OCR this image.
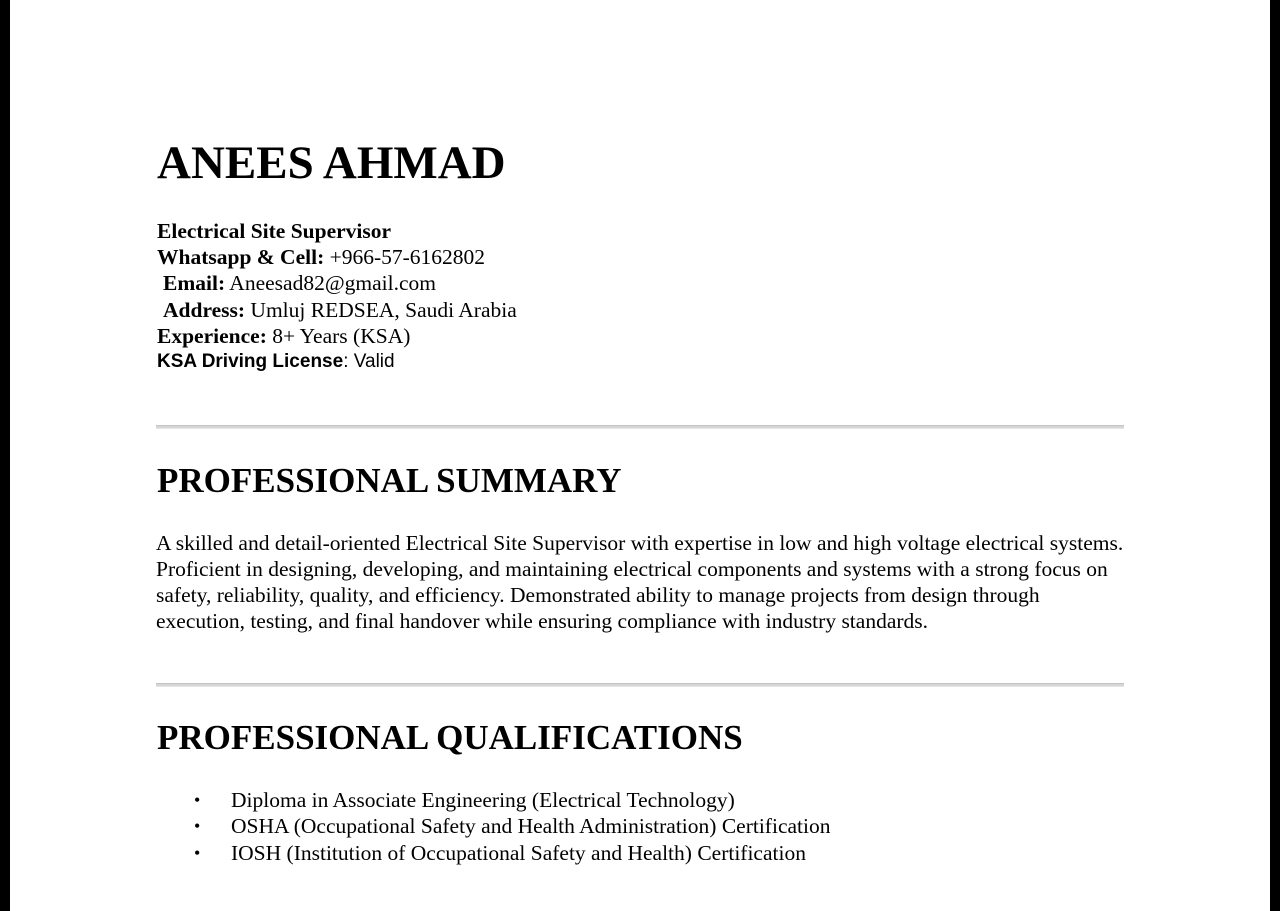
ANEES AHMAD
Electrical Site Supervisor
Whatsapp & Cell: +966-57-6162802
Email: Aneesad82@gmail.com
Address: Umluj REDSEA, Saudi Arabia
Experience: 8+ Years (KSA)
KSA Driving License: Valid
PROFESSIONAL SUMMARY

A skilled and detail-oriented Electrical Site Supervisor with expertise in low and high voltage electrical systems. Proficient in designing, developing, and maintaining electrical components and systems with a strong focus on safety, reliability, quality, and efficiency. Demonstrated ability to manage projects from design through execution, testing, and final handover while ensuring compliance with industry standards.

PROFESSIONAL QUALIFICATIONS
• Diploma in Associate Engineering (Electrical Technology)
• OSHA (Occupational Safety and Health Administration) Certification
• IOSH (Institution of Occupational Safety and Health) Certification
